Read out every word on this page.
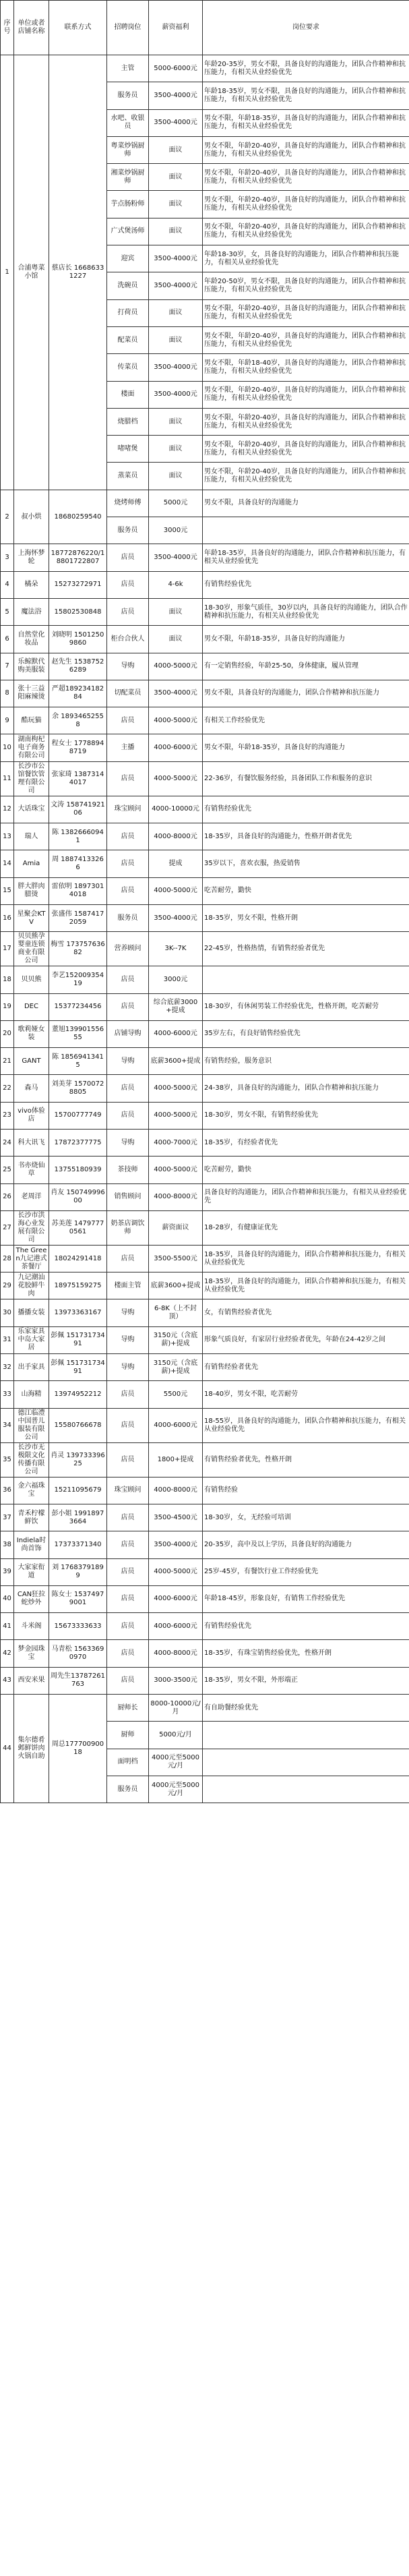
序号	单位或者店铺名称	联系方式	招聘岗位	薪资福利	岗位要求
1	合浦粤菜小馆	蔡店长 16686331227	主管	5000-6000元	年龄20-35岁，男女不限，具备良好的沟通能力，团队合作精神和抗压能力，有相关从业经验优先
			服务员	3500-4000元	年龄18-35岁，男女不限，具备良好的沟通能力，团队合作精神和抗压能力，有相关从业经验优先
			水吧、收银员	3500-4000元	男女不限，年龄18-35岁，具备良好的沟通能力，团队合作精神和抗压能力，有相关从业经验优先
			粤菜炒锅厨师	面议	男女不限，年龄20-40岁，具备良好的沟通能力，团队合作精神和抗压能力，有相关从业经验优先
			湘菜炒锅厨师	面议	男女不限，年龄20-40岁，具备良好的沟通能力，团队合作精神和抗压能力，有相关从业经验优先
			芋点肠粉师	面议	男女不限，年龄20-40岁，具备良好的沟通能力，团队合作精神和抗压能力，有相关从业经验优先
			广式煲汤师	面议	男女不限，年龄20-40岁，具备良好的沟通能力，团队合作精神和抗压能力，有相关从业经验优先
			迎宾	3500-4000元	年龄18-30岁，女，具备良好的沟通能力，团队合作精神和抗压能力，有相关从业经验优先
			洗碗员	3500-4000元	年龄20-50岁，男女不限，具备良好的沟通能力，团队合作精神和抗压能力，有相关从业经验优先
			打荷员	面议	男女不限，年龄20-40岁，具备良好的沟通能力，团队合作精神和抗压能力，有相关从业经验优先
			配菜员	面议	男女不限，年龄20-40岁，具备良好的沟通能力，团队合作精神和抗压能力，有相关从业经验优先
			传菜员	3500-4000元	男女不限，年龄18-40岁，具备良好的沟通能力，团队合作精神和抗压能力，有相关从业经验优先
			楼面	3500-4000元	男女不限，年龄20-40岁，具备良好的沟通能力，团队合作精神和抗压能力，有相关从业经验优先
			烧腊档	面议	男女不限，年龄20-40岁，具备良好的沟通能力，团队合作精神和抗压能力，有相关从业经验优先
			啫啫煲	面议	男女不限，年龄20-40岁，具备良好的沟通能力，团队合作精神和抗压能力，有相关从业经验优先
			蒸菜员	面议	男女不限，年龄20-40岁，具备良好的沟通能力，团队合作精神和抗压能力，有相关从业经验优先
2	叔小烘	18680259540	烧烤师傅	5000元	男女不限，具备良好的沟通能力
			服务员	3000元	
3	上海怀梦轮	18772876220/18801722807	店员	3500-4000元	年龄18-35岁，具备良好的沟通能力，团队合作精神和抗压能力，有相关从业经验优先
4	橘朵	15273272971	店员	4-6k	有销售经验优先
5	魔法浴	15802530848	店员	面议	18-30岁，形象气质佳，30岁以内，具备良好的沟通能力，团队合作精神和抗压能力，有相关从业经验优先
6	自然堂化妆品	刘晓明 15012509860	柜台合伙人	面议	男女不限，年龄18-35岁，具备良好的沟通能力
7	乐鲸默代购美服装	赵先生 15387526289	导购	4000-5000元	有一定销售经验，年龄25-50，身体健康，履从管理
8	张十三益阳麻辣烫	严超18923418284	切配菜员	3500-4000元	男女不限，具备良好的沟通能力，团队合作精神和抗压能力
9	酷玩猫	余 18934652558	店员	4000-5000元	有相关工作经验优先
10	湖南枸杞电子商务有限公司	程女士 17788948719	主播	4000-6000元	男女不限，年龄18-35岁，具备良好的沟通能力
11	长沙市公馆餐饮管理有限公司	张家琦 13873144017	店员	4000-5000元	22-36岁，有餐饮服务经验，具备团队工作和服务的意识
12	大话珠宝	文涛 15874192106	珠宝顾问	4000-10000元	有销售经验优先
13	瑞人	陈 13826660941	店员	4000-8000元	18-35岁，具备良好的沟通能力，性格开朗者优先
14	Amia	周 18874133266	店员	提成	35岁以下，喜欢衣服，热爱销售
15	胖大胖肉腊烫	雷依明 18973014018	店员	4000-5000元	吃苦耐劳，勤快
16	星聚会KTV	张盛伟 15874172059	服务员	3500-4000元	18-35岁，男女不限，性格开朗
17	贝贝熊孕婴童连锁商业有限公司	梅雪 17375763682	营养顾问	3K--7K	22-45岁，性格热情，有销售经验者优先
18	贝贝熊	李艺15200935419	店员	3000元	
19	DEC	15377234456	店员	综合底薪3000+提成	18-30岁，有休闲男装工作经验优先，性格开朗，吃苦耐劳
20	歌莉娅女装	董旭13990155655	店铺导购	4000-6000元	35岁左右，有良好销售经验优先
21	GANT	陈 18569413415	导购	底薪3600+提成	有销售经验，服务意识
22	森马	刘美芽 15700728805	店员	4000-5000元	24-38岁，具备良好的沟通能力，团队合作精神和抗压能力
23	vivo体验店	15700777749	店员	4000-5000元	18-30岁，男女不限，有销售经验优先
24	科大讯飞	17872377775	导购	4000-7000元	18-35岁，有经验者优先
25	书亦烧仙草	13755180939	茶技师	4000-5000元	吃苦耐劳，勤快
26	老周洋	肖友 15074999600	销售顾问	4000-8000元	具备良好的沟通能力，团队合作精神和抗压能力，有相关从业经验优先
27	长沙市洪海心业发展有限公司	苏美莲 14797770561	奶茶店调饮师	薪资面议	18-28岁，有健康证优先
28	The Green九记港式茶餐厅	18024291418	店员	3500-5500元	18-35岁，具备良好的沟通能力，团队合作精神和抗压能力，有相关从业经验优先
29	九记潮汕花胶鲜牛肉	18975159275	楼面主管	底薪3600+提成	18-35岁，具备良好的沟通能力，团队合作精神和抗压能力，有相关从业经验优先
30	播播女装	13973363167	导购	6-8K（上不封顶）	女，有销售经验者优先
31	乐家家具中岛大家居	彭佩 15173173491	导购	3150元（含底薪)+提成	形象气质良好，有家居行业经验者优先，年龄在24-42岁之间
32	出手家具	彭佩 15173173491	导购	3150元（含底薪)+提成	有销售经验者优先
33	山海精	13974952212	店员	5500元	18-40岁，男女不限，吃苦耐劳
34	德江临澧中国普儿服装有限公司	15580766678	店员	4000-6000元	18-55岁，具备良好的沟通能力，团队合作精神和抗压能力，有相关从业经验优先
35	长沙市无极限文化传播有限公司	肖灵 13973339625	店员	1800+提成	有销售经验者优先，性格开朗
36	金六福珠宝	15211095679	珠宝顾问	4000-8000元	有销售经验
37	青禾柠檬鲜饮	彭小姐 19918973664	店员	3500-4500元	18-30岁，女，无经验可培训
38	Indiela时尚首饰	17373371340	店员	3500-4000元	20-35岁，高中及以上学历，具备良好的沟通能力
39	大家家衔道	刘 17683791899	店员	4000-5000元	25岁-45岁，有餐饮行业工作经验优先
40	CAN狂拉蛇炒外	陈女士 15374979001	店员	4000-6000元	年龄18-45岁，形象良好，有销售工作经验优先
41	斗米阁	15673333633	店员	4000-6000元	有销售经验优先
42	梦金园珠宝	马青松 15633690970	店员	4000-8000元	18-35岁，有珠宝销售经验优先，性格开朗
43	西安米果	周先生13787261763	店员	3000-3500元	18-35岁，男女不限，外形端正
44	集尔德肴邺鲜饼肉火锅自助	周总17770090018	厨师长	8000-10000元/月	有自助餐经验优先
			厨师	5000元/月	
			面明档	4000元至5000元/月	
			服务员	4000元至5000元/月	
